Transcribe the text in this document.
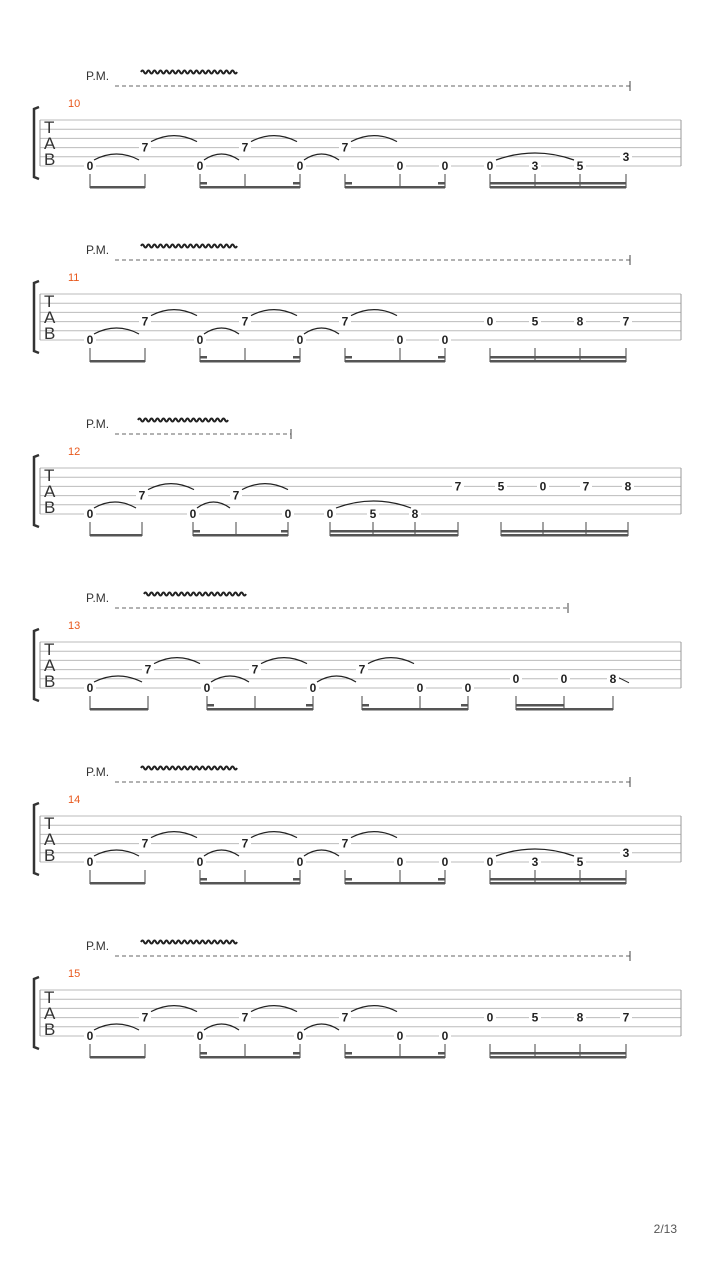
P.M.
10
T
A
B	0
7
0
7
0
7
0	0	0	3	5
3
P.M.
11
T
A
B	0
7
0
7
0
7
0	0
0	5	8	7
P.M.
12
T
A
B	0
7
0
7
0	0	5	8
7	5	0	7	8
P.M.
13
T
A
B	0
7
0
7
0
7
0	0
0	0	8
P.M.
14
T
A
B	0
7
0
7
0
7
0	0	0	3	5
3
P.M.
15
T
A
B	0
7
0
7
0
7
0	0
0	5	8	7
2/13
